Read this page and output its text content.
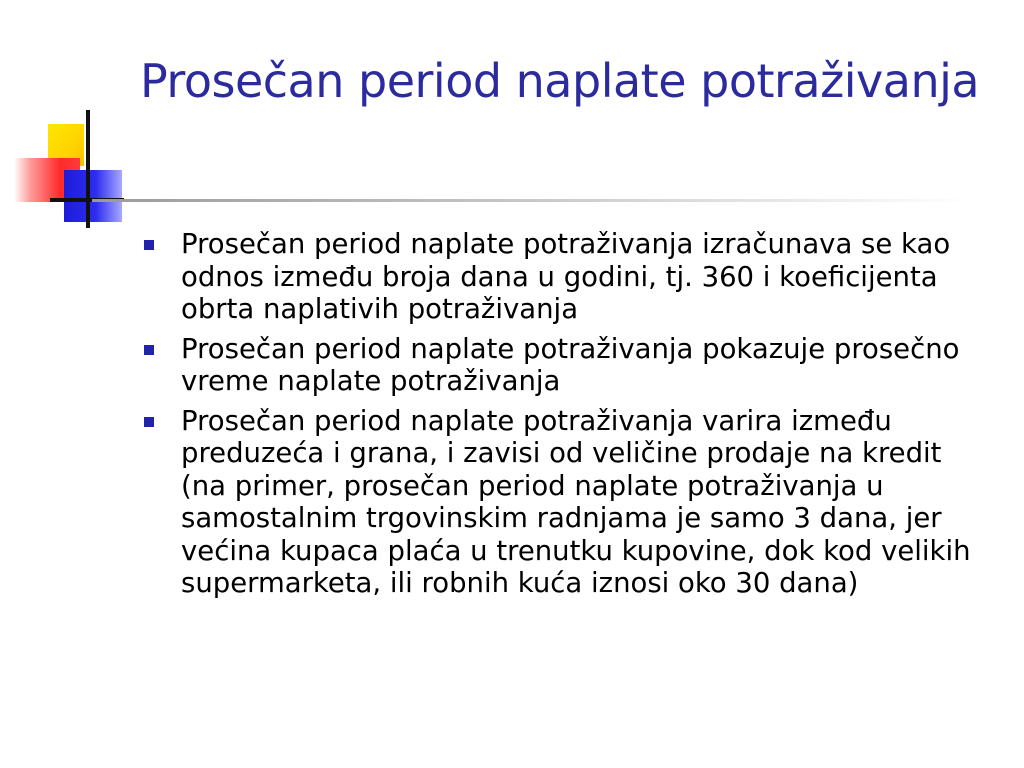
Prosečan period naplate potraživanja
Prosečan period naplate potraživanja izračunava se kao odnos između broja dana u godini, tj. 360 i koeficijenta obrta naplativih potraživanja
Prosečan period naplate potraživanja pokazuje prosečno vreme naplate potraživanja
Prosečan period naplate potraživanja varira između preduzeća i grana, i zavisi od veličine prodaje na kredit (na primer, prosečan period naplate potraživanja u samostalnim trgovinskim radnjama je samo 3 dana, jer većina kupaca plaća u trenutku kupovine, dok kod velikih supermarketa, ili robnih kuća iznosi oko 30 dana)
